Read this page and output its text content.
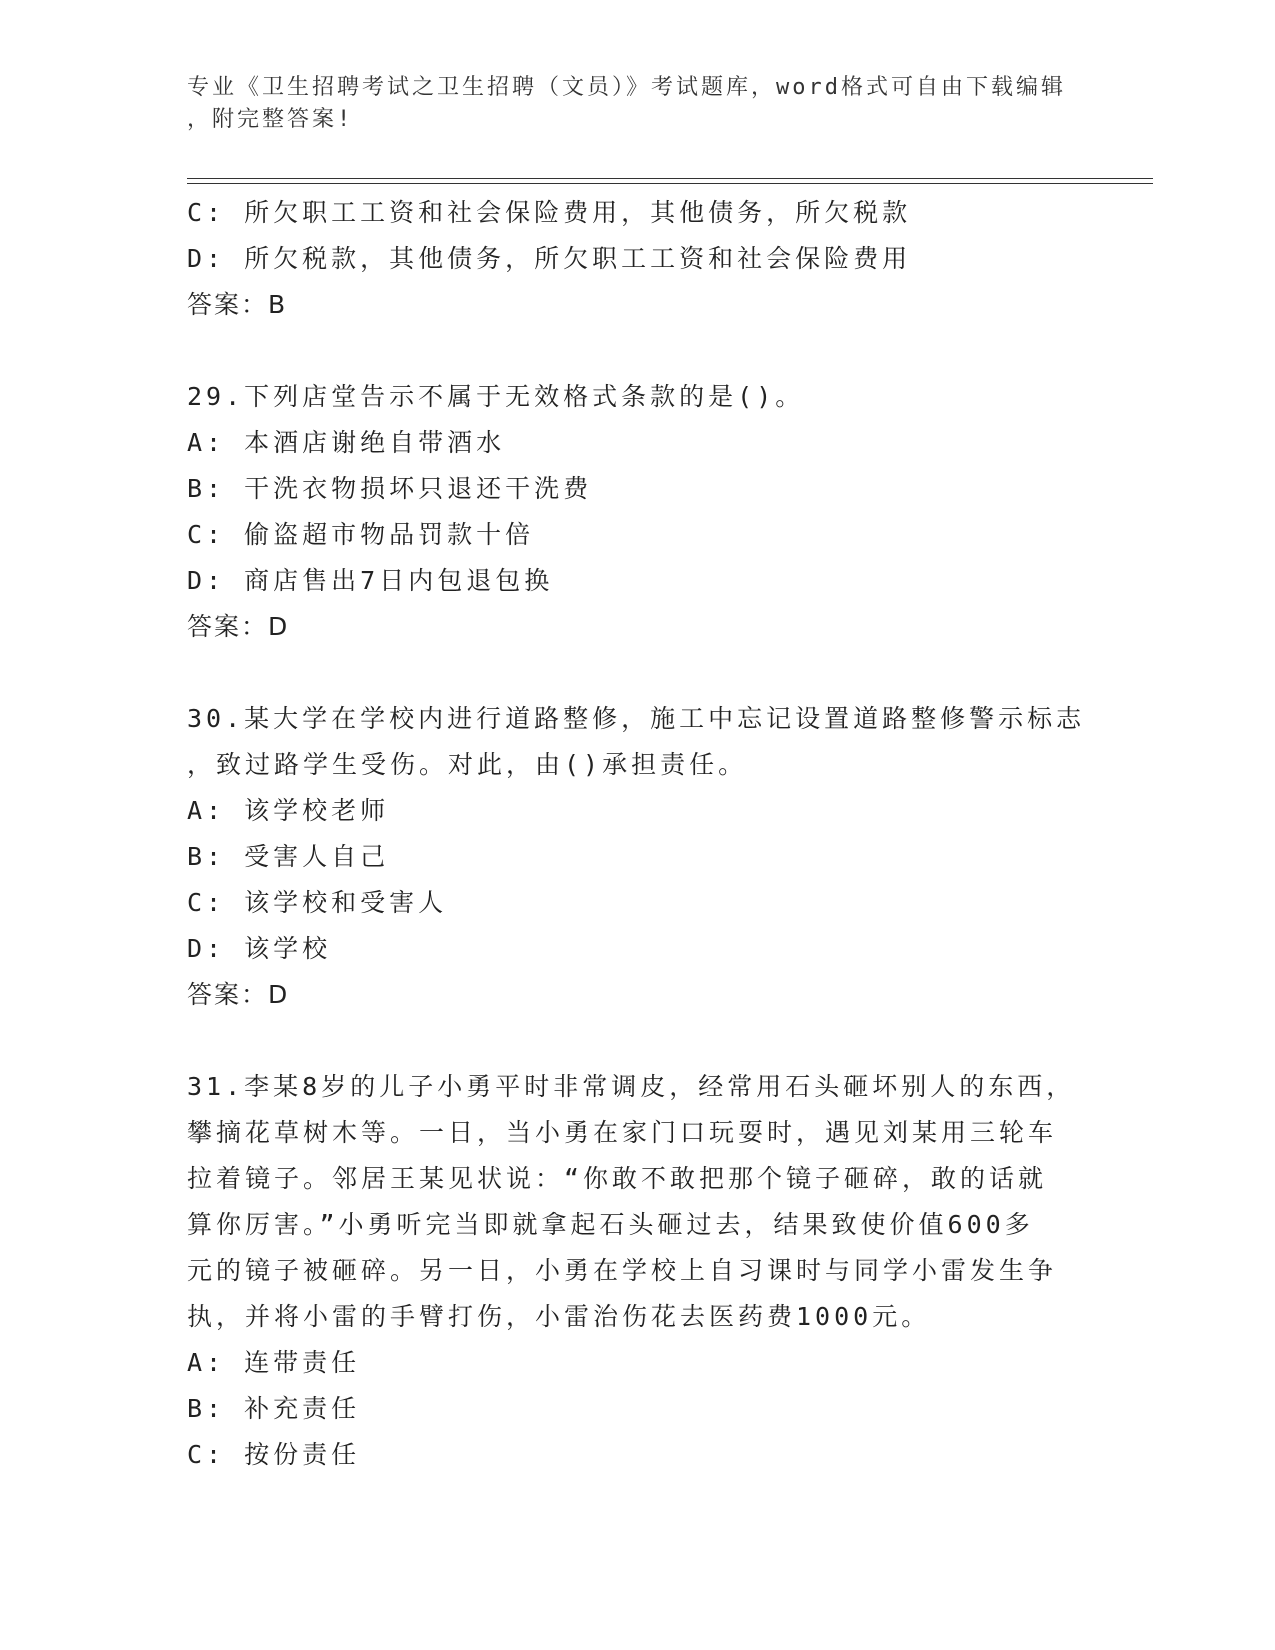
专业《卫生招聘考试之卫生招聘（文员）》考试题库，word格式可自由下载编辑
，附完整答案!
C: 所欠职工工资和社会保险费用，其他债务，所欠税款
D: 所欠税款，其他债务，所欠职工工资和社会保险费用
答案：B
29.下列店堂告示不属于无效格式条款的是()。
A: 本酒店谢绝自带酒水
B: 干洗衣物损坏只退还干洗费
C: 偷盗超市物品罚款十倍
D: 商店售出7日内包退包换
答案：D
30.某大学在学校内进行道路整修，施工中忘记设置道路整修警示标志
，致过路学生受伤。对此，由()承担责任。
A: 该学校老师
B: 受害人自己
C: 该学校和受害人
D: 该学校
答案：D
31.李某8岁的儿子小勇平时非常调皮，经常用石头砸坏别人的东西，
攀摘花草树木等。一日，当小勇在家门口玩耍时，遇见刘某用三轮车
拉着镜子。邻居王某见状说：“你敢不敢把那个镜子砸碎，敢的话就
算你厉害。”小勇听完当即就拿起石头砸过去，结果致使价值600多
元的镜子被砸碎。另一日，小勇在学校上自习课时与同学小雷发生争
执，并将小雷的手臂打伤，小雷治伤花去医药费1000元。
A: 连带责任
B: 补充责任
C: 按份责任
